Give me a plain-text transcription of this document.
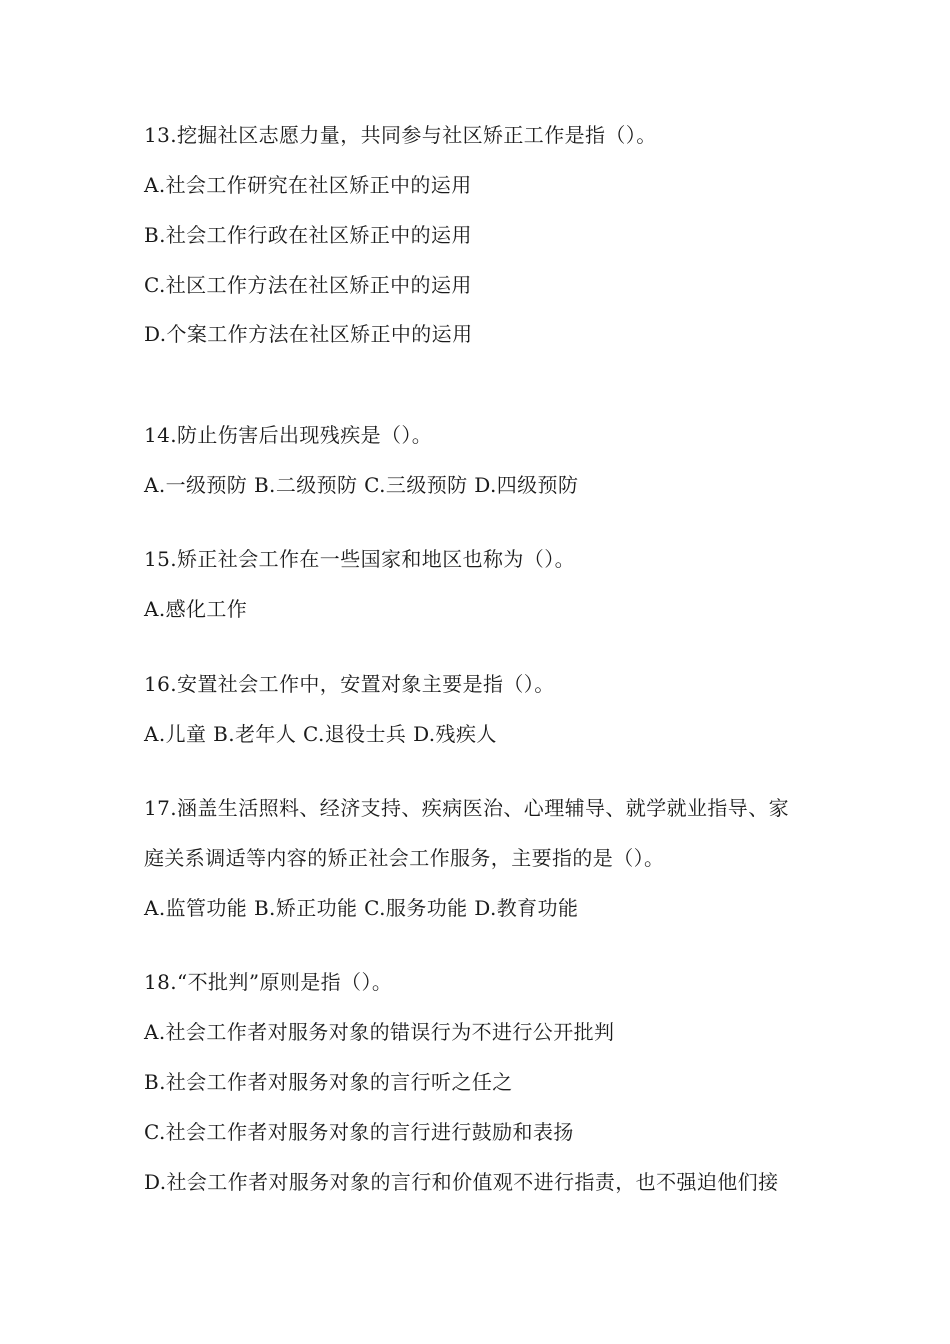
13.挖掘社区志愿力量，共同参与社区矫正工作是指（）。
A.社会工作研究在社区矫正中的运用
B.社会工作行政在社区矫正中的运用
C.社区工作方法在社区矫正中的运用
D.个案工作方法在社区矫正中的运用
14.防止伤害后出现残疾是（）。
A.一级预防 B.二级预防 C.三级预防 D.四级预防
15.矫正社会工作在一些国家和地区也称为（）。
A.感化工作
16.安置社会工作中，安置对象主要是指（）。
A.儿童 B.老年人 C.退役士兵 D.残疾人
17.涵盖生活照料、经济支持、疾病医治、心理辅导、就学就业指导、家
庭关系调适等内容的矫正社会工作服务，主要指的是（）。
A.监管功能 B.矫正功能 C.服务功能 D.教育功能
18.“不批判”原则是指（）。
A.社会工作者对服务对象的错误行为不进行公开批判
B.社会工作者对服务对象的言行听之任之
C.社会工作者对服务对象的言行进行鼓励和表扬
D.社会工作者对服务对象的言行和价值观不进行指责，也不强迫他们接
